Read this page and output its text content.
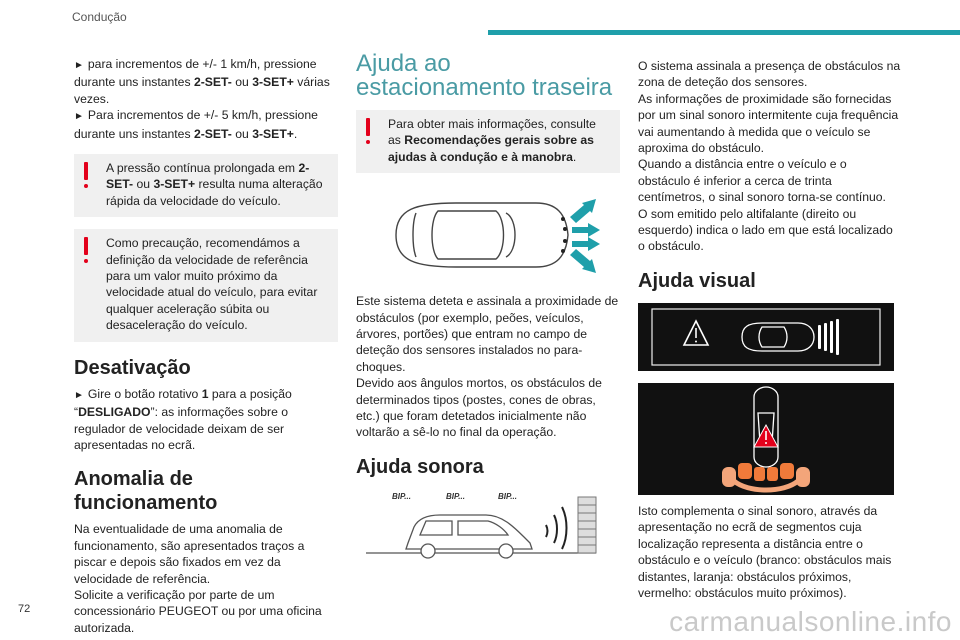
Condução

► para incrementos de +/- 1 km/h, pressione durante uns instantes 2-SET- ou 3-SET+ várias vezes.

► Para incrementos de +/- 5 km/h, pressione durante uns instantes 2-SET- ou 3-SET+.

A pressão contínua prolongada em 2-SET- ou 3-SET+ resulta numa alteração rápida da velocidade do veículo.
Como precaução, recomendámos a definição da velocidade de referência para um valor muito próximo da velocidade atual do veículo, para evitar qualquer aceleração súbita ou desaceleração do veículo.
Desativação

► Gire o botão rotativo 1 para a posição “DESLIGADO”: as informações sobre o regulador de velocidade deixam de ser apresentadas no ecrã.

Anomalia de funcionamento

Na eventualidade de uma anomalia de funcionamento, são apresentados traços a piscar e depois são fixados em vez da velocidade de referência.

Solicite a verificação por parte de um concessionário PEUGEOT ou por uma oficina autorizada.

Ajuda ao estacionamento traseira
Para obter mais informações, consulte as Recomendações gerais sobre as ajudas à condução e à manobra.

Este sistema deteta e assinala a proximidade de obstáculos (por exemplo, peões, veículos, árvores, portões) que entram no campo de deteção dos sensores instalados no para-choques.

Devido aos ângulos mortos, os obstáculos de determinados tipos (postes, cones de obras, etc.) que foram detetados inicialmente não voltarão a sê-lo no final da operação.

Ajuda sonora
BIP...	BIP...	BIP...

O sistema assinala a presença de obstáculos na zona de deteção dos sensores.

As informações de proximidade são fornecidas por um sinal sonoro intermitente cuja frequência vai aumentando à medida que o veículo se aproxima do obstáculo.

Quando a distância entre o veículo e o obstáculo é inferior a cerca de trinta centímetros, o sinal sonoro torna-se contínuo.

O som emitido pelo altifalante (direito ou esquerdo) indica o lado em que está localizado o obstáculo.

Ajuda visual

Isto complementa o sinal sonoro, através da apresentação no ecrã de segmentos cuja localização representa a distância entre o obstáculo e o veículo (branco: obstáculos mais distantes, laranja: obstáculos próximos, vermelho: obstáculos muito próximos).

72	carmanualsonline.info
